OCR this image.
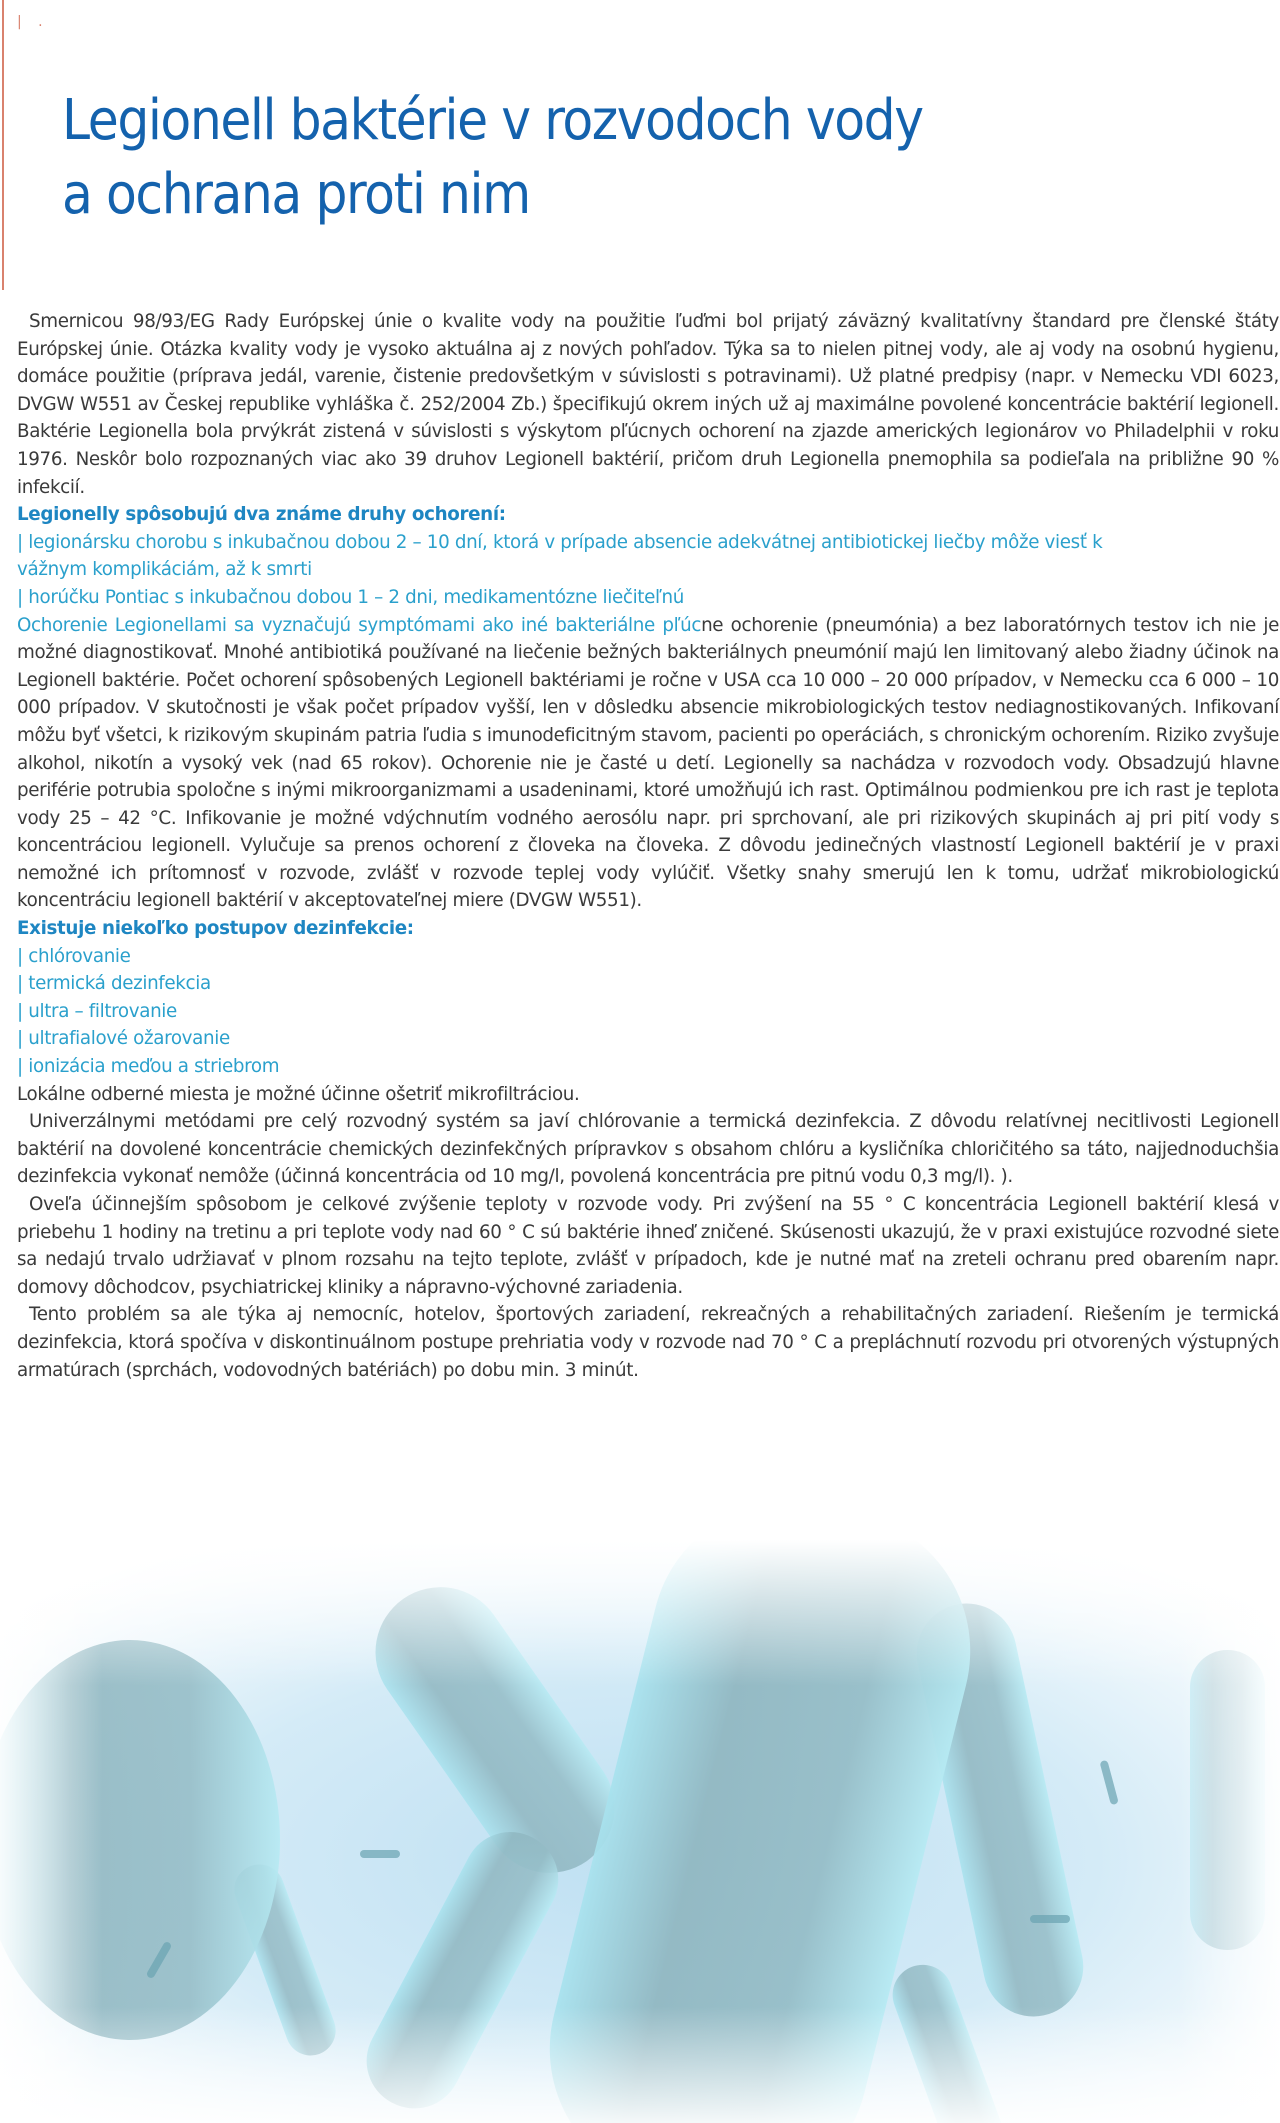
| .
Legionell baktérie v rozvodoch vody
a ochrana proti nim

Smernicou 98/93/EG Rady Európskej únie o kvalite vody na použitie ľuďmi bol prijatý záväzný kvalitatívny štandard pre členské štáty Európskej únie. Otázka kvality vody je vysoko aktuálna aj z nových pohľadov. Týka sa to nielen pitnej vody, ale aj vody na osobnú hygienu, domáce použitie (príprava jedál, varenie, čistenie predovšetkým v súvislosti s potravinami). Už platné predpisy (napr. v Nemecku VDI 6023, DVGW W551 av Českej republike vyhláška č. 252/2004 Zb.) špecifikujú okrem iných už aj maximálne povolené koncentrácie baktérií legionell. Baktérie Legionella bola prvýkrát zistená v súvislosti s výskytom pľúcnych ochorení na zjazde amerických legionárov vo Philadelphii v roku 1976. Neskôr bolo rozpoznaných viac ako 39 druhov Legionell baktérií, pričom druh Legionella pnemophila sa podieľala na približne 90 % infekcií.

Legionelly spôsobujú dva známe druhy ochorení:

| legionársku chorobu s inkubačnou dobou 2 – 10 dní, ktorá v prípade absencie adekvátnej antibiotickej liečby môže viesť k vážnym komplikáciám, až k smrti

| horúčku Pontiac s inkubačnou dobou 1 – 2 dni, medikamentózne liečiteľnú

Ochorenie Legionellami sa vyznačujú symptómami ako iné bakteriálne pľúcne ochorenie (pneumónia) a bez laboratórnych testov ich nie je možné diagnostikovať. Mnohé antibiotiká používané na liečenie bežných bakteriálnych pneumónií majú len limitovaný alebo žiadny účinok na Legionell baktérie. Počet ochorení spôsobených Legionell baktériami je ročne v USA cca 10 000 – 20 000 prípadov, v Nemecku cca 6 000 – 10 000 prípadov. V skutočnosti je však počet prípadov vyšší, len v dôsledku absencie mikrobiologických testov nediagnostikovaných. Infikovaní môžu byť všetci, k rizikovým skupinám patria ľudia s imunodeficitným stavom, pacienti po operáciách, s chronickým ochorením. Riziko zvyšuje alkohol, nikotín a vysoký vek (nad 65 rokov). Ochorenie nie je časté u detí. Legionelly sa nachádza v rozvodoch vody. Obsadzujú hlavne periférie potrubia spoločne s inými mikroorganizmami a usadeninami, ktoré umožňujú ich rast. Optimálnou podmienkou pre ich rast je teplota vody 25 – 42 °C. Infikovanie je možné vdýchnutím vodného aerosólu napr. pri sprchovaní, ale pri rizikových skupinách aj pri pití vody s koncentráciou legionell. Vylučuje sa prenos ochorení z človeka na človeka. Z dôvodu jedinečných vlastností Legionell baktérií je v praxi nemožné ich prítomnosť v rozvode, zvlášť v rozvode teplej vody vylúčiť. Všetky snahy smerujú len k tomu, udržať mikrobiologickú koncentráciu legionell baktérií v akceptovateľnej miere (DVGW W551).

Existuje niekoľko postupov dezinfekcie:

| chlórovanie

| termická dezinfekcia

| ultra – filtrovanie

| ultrafialové ožarovanie

| ionizácia meďou a striebrom

Lokálne odberné miesta je možné účinne ošetriť mikrofiltráciou.

Univerzálnymi metódami pre celý rozvodný systém sa javí chlórovanie a termická dezinfekcia. Z dôvodu relatívnej necitlivosti Legionell baktérií na dovolené koncentrácie chemických dezinfekčných prípravkov s obsahom chlóru a kysličníka chloričitého sa táto, najjednoduchšia dezinfekcia vykonať nemôže (účinná koncentrácia od 10 mg/l, povolená koncentrácia pre pitnú vodu 0,3 mg/l). ).

Oveľa účinnejším spôsobom je celkové zvýšenie teploty v rozvode vody. Pri zvýšení na 55 ° C koncentrácia Legionell baktérií klesá v priebehu 1 hodiny na tretinu a pri teplote vody nad 60 ° C sú baktérie ihneď zničené. Skúsenosti ukazujú, že v praxi existujúce rozvodné siete sa nedajú trvalo udržiavať v plnom rozsahu na tejto teplote, zvlášť v prípadoch, kde je nutné mať na zreteli ochranu pred obarením napr. domovy dôchodcov, psychiatrickej kliniky a nápravno-výchovné zariadenia.

Tento problém sa ale týka aj nemocníc, hotelov, športových zariadení, rekreačných a rehabilitačných zariadení. Riešením je termická dezinfekcia, ktorá spočíva v diskontinuálnom postupe prehriatia vody v rozvode nad 70 ° C a prepláchnutí rozvodu pri otvorených výstupných armatúrach (sprchách, vodovodných batériách) po dobu min. 3 minút.
